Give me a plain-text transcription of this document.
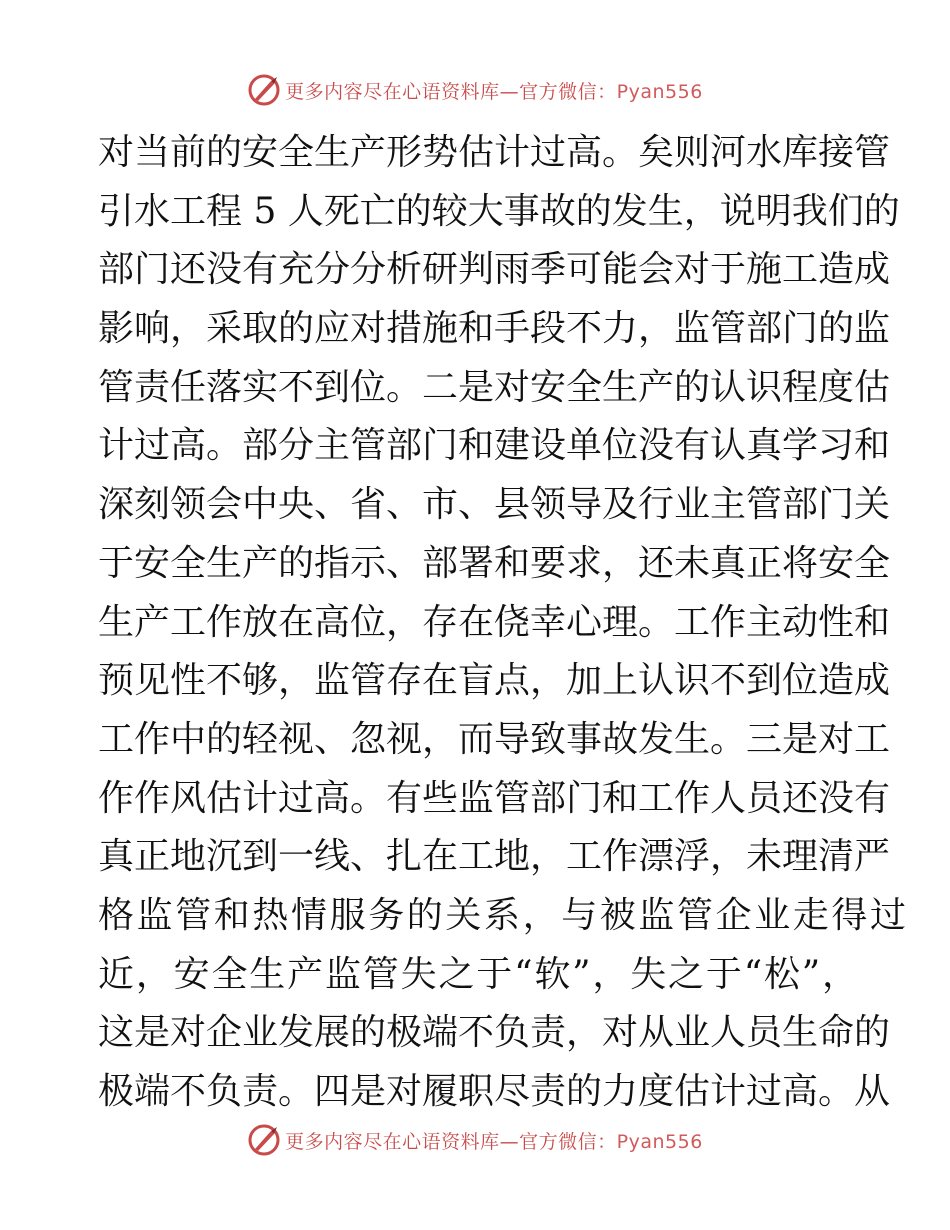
更多内容尽在心语资料库—官方微信：Pyan556
对当前的安全生产形势估计过高。矣则河水库接管
引水工程 5 人死亡的较大事故的发生，说明我们的
部门还没有充分分析研判雨季可能会对于施工造成
影响，采取的应对措施和手段不力，监管部门的监
管责任落实不到位。二是对安全生产的认识程度估
计过高。部分主管部门和建设单位没有认真学习和
深刻领会中央、省、市、县领导及行业主管部门关
于安全生产的指示、部署和要求，还未真正将安全
生产工作放在高位，存在侥幸心理。工作主动性和
预见性不够，监管存在盲点，加上认识不到位造成
工作中的轻视、忽视，而导致事故发生。三是对工
作作风估计过高。有些监管部门和工作人员还没有
真正地沉到一线、扎在工地，工作漂浮，未理清严
格监管和热情服务的关系，与被监管企业走得过
近，安全生产监管失之于“软”，失之于“松”，
这是对企业发展的极端不负责，对从业人员生命的
极端不负责。四是对履职尽责的力度估计过高。从
更多内容尽在心语资料库—官方微信：Pyan556
